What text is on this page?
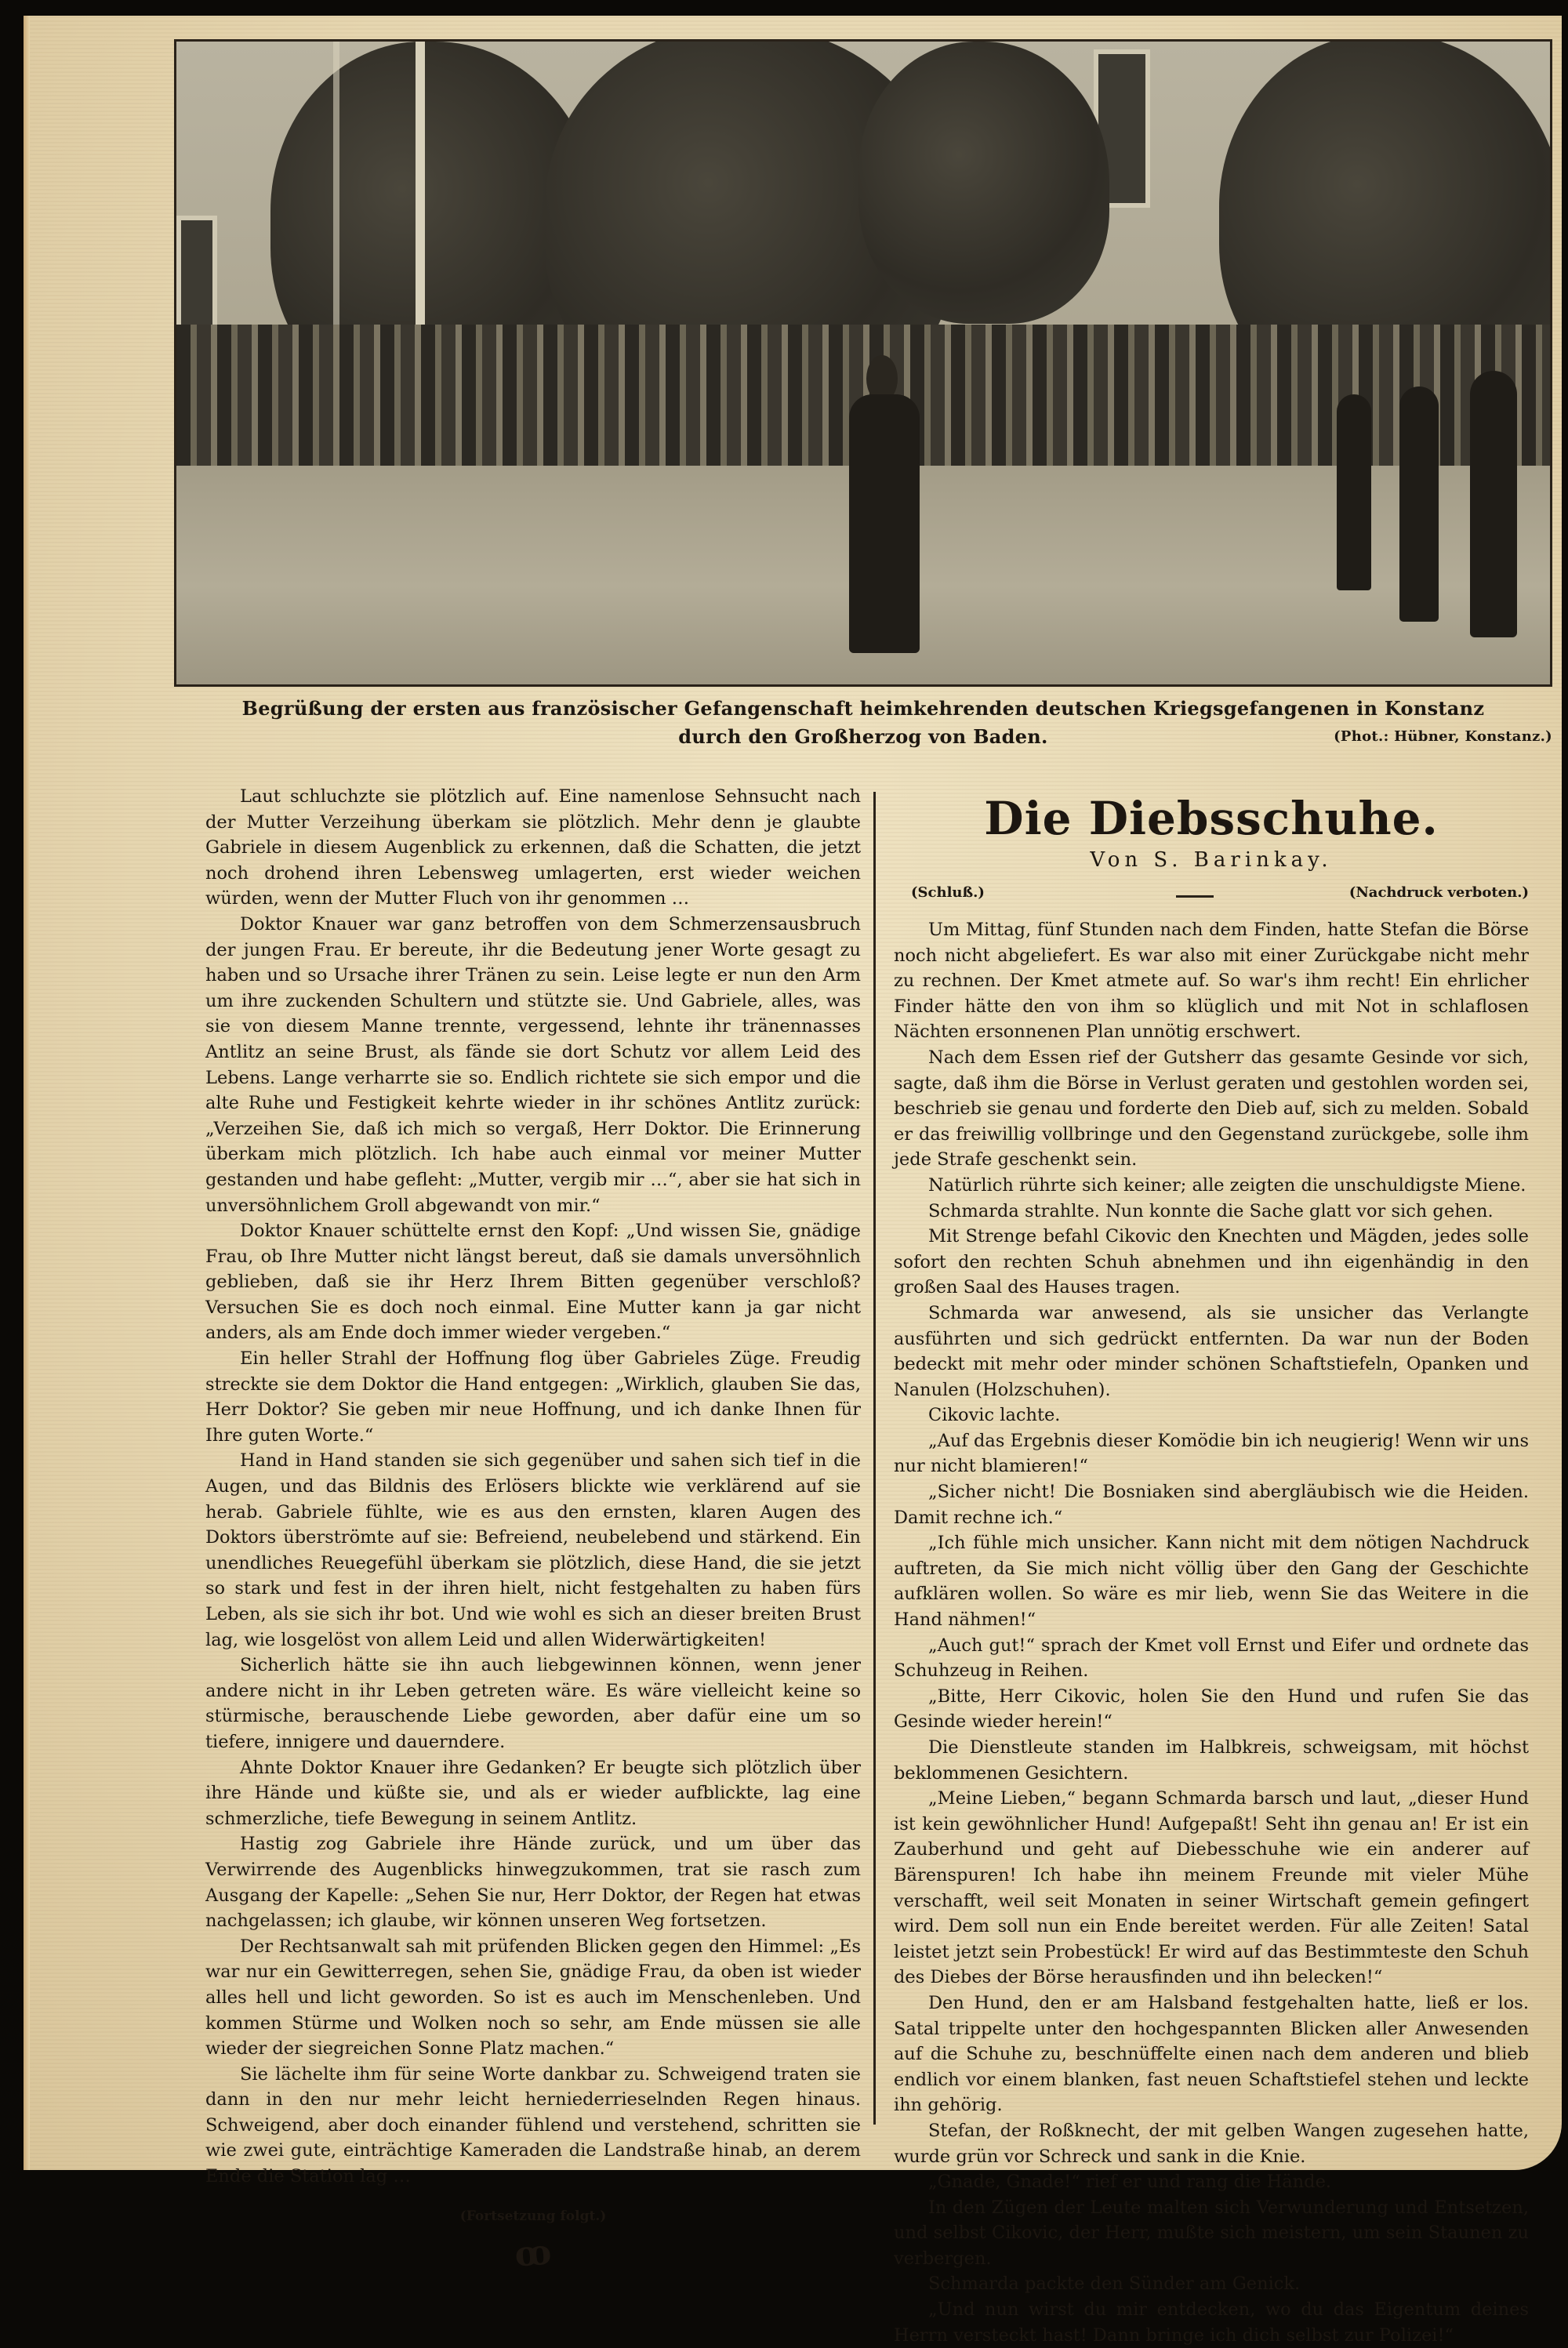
Begrüßung der ersten aus französischer Gefangenschaft heimkehrenden deutschen Kriegsgefangenen in Konstanz
durch den Großherzog von Baden.	(Phot.: Hübner, Konstanz.)

Laut schluchzte sie plötzlich auf. Eine namenlose Sehnsucht nach der Mutter Verzeihung überkam sie plötzlich. Mehr denn je glaubte Gabriele in diesem Augenblick zu erkennen, daß die Schatten, die jetzt noch drohend ihren Lebensweg umlagerten, erst wieder weichen würden, wenn der Mutter Fluch von ihr genommen …

Doktor Knauer war ganz betroffen von dem Schmerzensausbruch der jungen Frau. Er bereute, ihr die Bedeutung jener Worte gesagt zu haben und so Ursache ihrer Tränen zu sein. Leise legte er nun den Arm um ihre zuckenden Schultern und stützte sie. Und Gabriele, alles, was sie von diesem Manne trennte, vergessend, lehnte ihr tränennasses Antlitz an seine Brust, als fände sie dort Schutz vor allem Leid des Lebens. Lange verharrte sie so. Endlich richtete sie sich empor und die alte Ruhe und Festigkeit kehrte wieder in ihr schönes Antlitz zurück: „Verzeihen Sie, daß ich mich so vergaß, Herr Doktor. Die Erinnerung überkam mich plötzlich. Ich habe auch einmal vor meiner Mutter gestanden und habe gefleht: „Mutter, vergib mir …“, aber sie hat sich in unversöhnlichem Groll abgewandt von mir.“

Doktor Knauer schüttelte ernst den Kopf: „Und wissen Sie, gnädige Frau, ob Ihre Mutter nicht längst bereut, daß sie damals unversöhnlich geblieben, daß sie ihr Herz Ihrem Bitten gegenüber verschloß? Versuchen Sie es doch noch einmal. Eine Mutter kann ja gar nicht anders, als am Ende doch immer wieder vergeben.“

Ein heller Strahl der Hoffnung flog über Gabrieles Züge. Freudig streckte sie dem Doktor die Hand entgegen: „Wirklich, glauben Sie das, Herr Doktor? Sie geben mir neue Hoffnung, und ich danke Ihnen für Ihre guten Worte.“

Hand in Hand standen sie sich gegenüber und sahen sich tief in die Augen, und das Bildnis des Erlösers blickte wie verklärend auf sie herab. Gabriele fühlte, wie es aus den ernsten, klaren Augen des Doktors überströmte auf sie: Befreiend, neubelebend und stärkend. Ein unendliches Reuegefühl überkam sie plötzlich, diese Hand, die sie jetzt so stark und fest in der ihren hielt, nicht festgehalten zu haben fürs Leben, als sie sich ihr bot. Und wie wohl es sich an dieser breiten Brust lag, wie losgelöst von allem Leid und allen Widerwärtigkeiten!

Sicherlich hätte sie ihn auch liebgewinnen können, wenn jener andere nicht in ihr Leben getreten wäre. Es wäre vielleicht keine so stürmische, berauschende Liebe geworden, aber dafür eine um so tiefere, innigere und dauerndere.

Ahnte Doktor Knauer ihre Gedanken? Er beugte sich plötzlich über ihre Hände und küßte sie, und als er wieder aufblickte, lag eine schmerzliche, tiefe Bewegung in seinem Antlitz.

Hastig zog Gabriele ihre Hände zurück, und um über das Verwirrende des Augenblicks hinwegzukommen, trat sie rasch zum Ausgang der Kapelle: „Sehen Sie nur, Herr Doktor, der Regen hat etwas nachgelassen; ich glaube, wir können unseren Weg fortsetzen.

Der Rechtsanwalt sah mit prüfenden Blicken gegen den Himmel: „Es war nur ein Gewitterregen, sehen Sie, gnädige Frau, da oben ist wieder alles hell und licht geworden. So ist es auch im Menschenleben. Und kommen Stürme und Wolken noch so sehr, am Ende müssen sie alle wieder der siegreichen Sonne Platz machen.“

Sie lächelte ihm für seine Worte dankbar zu. Schweigend traten sie dann in den nur mehr leicht herniederrieselnden Regen hinaus. Schweigend, aber doch einander fühlend und verstehend, schritten sie wie zwei gute, einträchtige Kameraden die Landstraße hinab, an derem Ende die Station lag …

(Fortsetzung folgt.)
ꝏ
Die Diebsschuhe.
Von S. Barinkay.
(Schluß.)	(Nachdruck verboten.)

Um Mittag, fünf Stunden nach dem Finden, hatte Stefan die Börse noch nicht abgeliefert. Es war also mit einer Zurückgabe nicht mehr zu rechnen. Der Kmet atmete auf. So war's ihm recht! Ein ehrlicher Finder hätte den von ihm so klüglich und mit Not in schlaflosen Nächten ersonnenen Plan unnötig erschwert.

Nach dem Essen rief der Gutsherr das gesamte Gesinde vor sich, sagte, daß ihm die Börse in Verlust geraten und gestohlen worden sei, beschrieb sie genau und forderte den Dieb auf, sich zu melden. Sobald er das freiwillig vollbringe und den Gegenstand zurückgebe, solle ihm jede Strafe geschenkt sein.

Natürlich rührte sich keiner; alle zeigten die unschuldigste Miene.

Schmarda strahlte. Nun konnte die Sache glatt vor sich gehen.

Mit Strenge befahl Cikovic den Knechten und Mägden, jedes solle sofort den rechten Schuh abnehmen und ihn eigenhändig in den großen Saal des Hauses tragen.

Schmarda war anwesend, als sie unsicher das Verlangte ausführten und sich gedrückt entfernten. Da war nun der Boden bedeckt mit mehr oder minder schönen Schaftstiefeln, Opanken und Nanulen (Holzschuhen).

Cikovic lachte.

„Auf das Ergebnis dieser Komödie bin ich neugierig! Wenn wir uns nur nicht blamieren!“

„Sicher nicht! Die Bosniaken sind abergläubisch wie die Heiden. Damit rechne ich.“

„Ich fühle mich unsicher. Kann nicht mit dem nötigen Nachdruck auftreten, da Sie mich nicht völlig über den Gang der Geschichte aufklären wollen. So wäre es mir lieb, wenn Sie das Weitere in die Hand nähmen!“

„Auch gut!“ sprach der Kmet voll Ernst und Eifer und ordnete das Schuhzeug in Reihen.

„Bitte, Herr Cikovic, holen Sie den Hund und rufen Sie das Gesinde wieder herein!“

Die Dienstleute standen im Halbkreis, schweigsam, mit höchst beklommenen Gesichtern.

„Meine Lieben,“ begann Schmarda barsch und laut, „dieser Hund ist kein gewöhnlicher Hund! Aufgepaßt! Seht ihn genau an! Er ist ein Zauberhund und geht auf Diebesschuhe wie ein anderer auf Bärenspuren! Ich habe ihn meinem Freunde mit vieler Mühe verschafft, weil seit Monaten in seiner Wirtschaft gemein gefingert wird. Dem soll nun ein Ende bereitet werden. Für alle Zeiten! Satal leistet jetzt sein Probestück! Er wird auf das Bestimmteste den Schuh des Diebes der Börse herausfinden und ihn belecken!“

Den Hund, den er am Halsband festgehalten hatte, ließ er los. Satal trippelte unter den hochgespannten Blicken aller Anwesenden auf die Schuhe zu, beschnüffelte einen nach dem anderen und blieb endlich vor einem blanken, fast neuen Schaftstiefel stehen und leckte ihn gehörig.

Stefan, der Roßknecht, der mit gelben Wangen zugesehen hatte, wurde grün vor Schreck und sank in die Knie.

„Gnade, Gnade!“ rief er und rang die Hände.

In den Zügen der Leute malten sich Verwunderung und Entsetzen, und selbst Cikovic, der Herr, mußte sich meistern, um sein Staunen zu verbergen.

Schmarda packte den Sünder am Genick.

„Und nun wirst du mir entdecken, wo du das Eigentum deines Herrn versteckt hast! Dann bringe ich dich selbst zur Polizei!“
